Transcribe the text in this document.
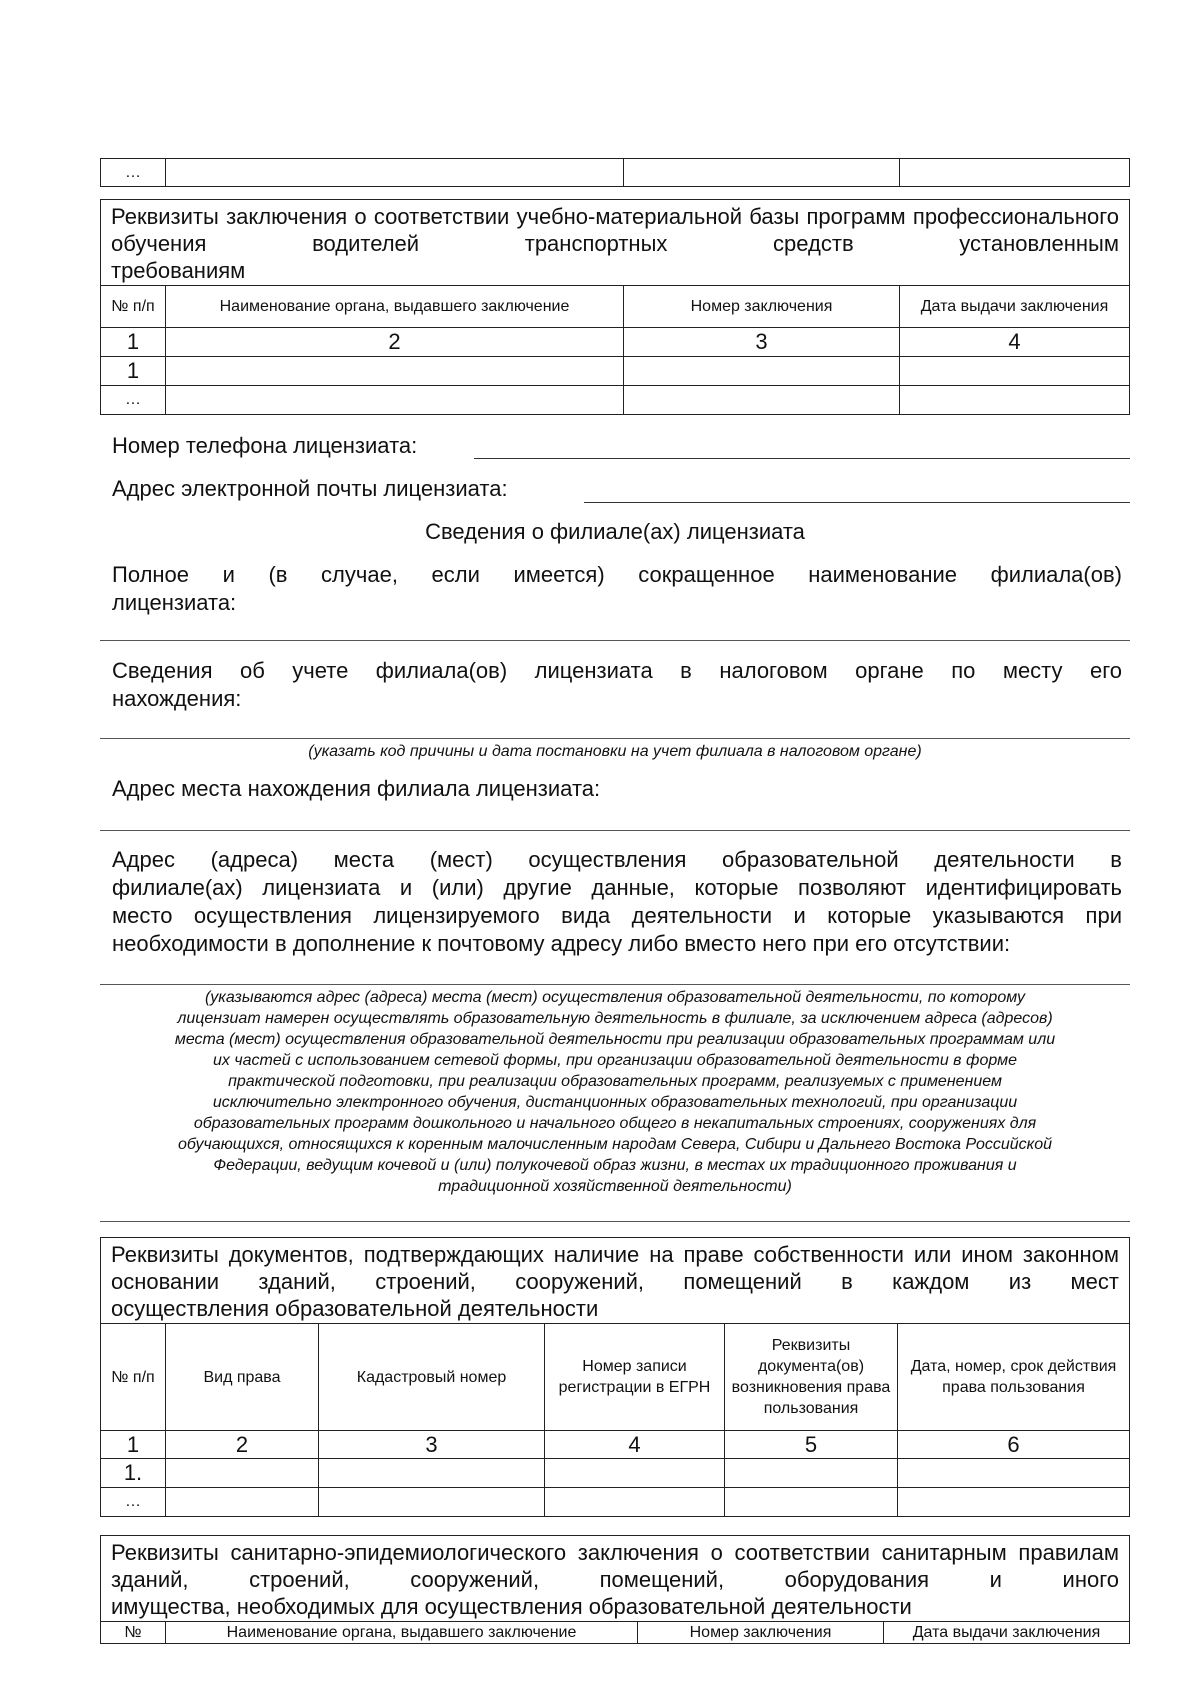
…			
Реквизиты заключения о соответствии учебно-материальной базы программ профессионального обучения водителей транспортных средств установленным
требованиям			

№ п/п	Наименование органа, выдавшего заключение	Номер заключения	Дата выдачи заключения
1	2	3	4
1			
…			
Номер телефона лицензиата:
Адрес электронной почты лицензиата:
Сведения о филиале(ах) лицензиата
Полное и (в случае, если имеется) сокращенное наименование филиала(ов)
лицензиата:
Сведения об учете филиала(ов) лицензиата в налоговом органе по месту его
нахождения:
(указать код причины и дата постановки на учет филиала в налоговом органе)
Адрес места нахождения филиала лицензиата:
Адрес (адреса) места (мест) осуществления образовательной деятельности в
филиале(ах) лицензиата и (или) другие данные, которые позволяют идентифицировать
место осуществления лицензируемого вида деятельности и которые указываются при
необходимости в дополнение к почтовому адресу либо вместо него при его отсутствии:
(указываются адрес (адреса) места (мест) осуществления образовательной деятельности, по которому
лицензиат намерен осуществлять образовательную деятельность в филиале, за исключением адреса (адресов)
места (мест) осуществления образовательной деятельности при реализации образовательных программам или
их частей с использованием сетевой формы, при организации образовательной деятельности в форме
практической подготовки, при реализации образовательных программ, реализуемых с применением
исключительно электронного обучения, дистанционных образовательных технологий, при организации
образовательных программ дошкольного и начального общего в некапитальных строениях, сооружениях для
обучающихся, относящихся к коренным малочисленным народам Севера, Сибири и Дальнего Востока Российской
Федерации, ведущим кочевой и (или) полукочевой образ жизни, в местах их традиционного проживания и
традиционной хозяйственной деятельности)
Реквизиты документов, подтверждающих наличие на праве собственности или ином законном основании зданий, строений, сооружений, помещений в каждом из мест
осуществления образовательной деятельности					

№ п/п	Вид права	Кадастровый номер	Номер записи регистрации в ЕГРН	Реквизиты документа(ов) возникновения права пользования	Дата, номер, срок действия права пользования
1	2	3	4	5	6
1.					
…					
Реквизиты санитарно-эпидемиологического заключения о соответствии санитарным правилам зданий, строений, сооружений, помещений, оборудования и иного
имущества, необходимых для осуществления образовательной деятельности

№	Наименование органа, выдавшего заключение	Номер заключения	Дата выдачи заключения
